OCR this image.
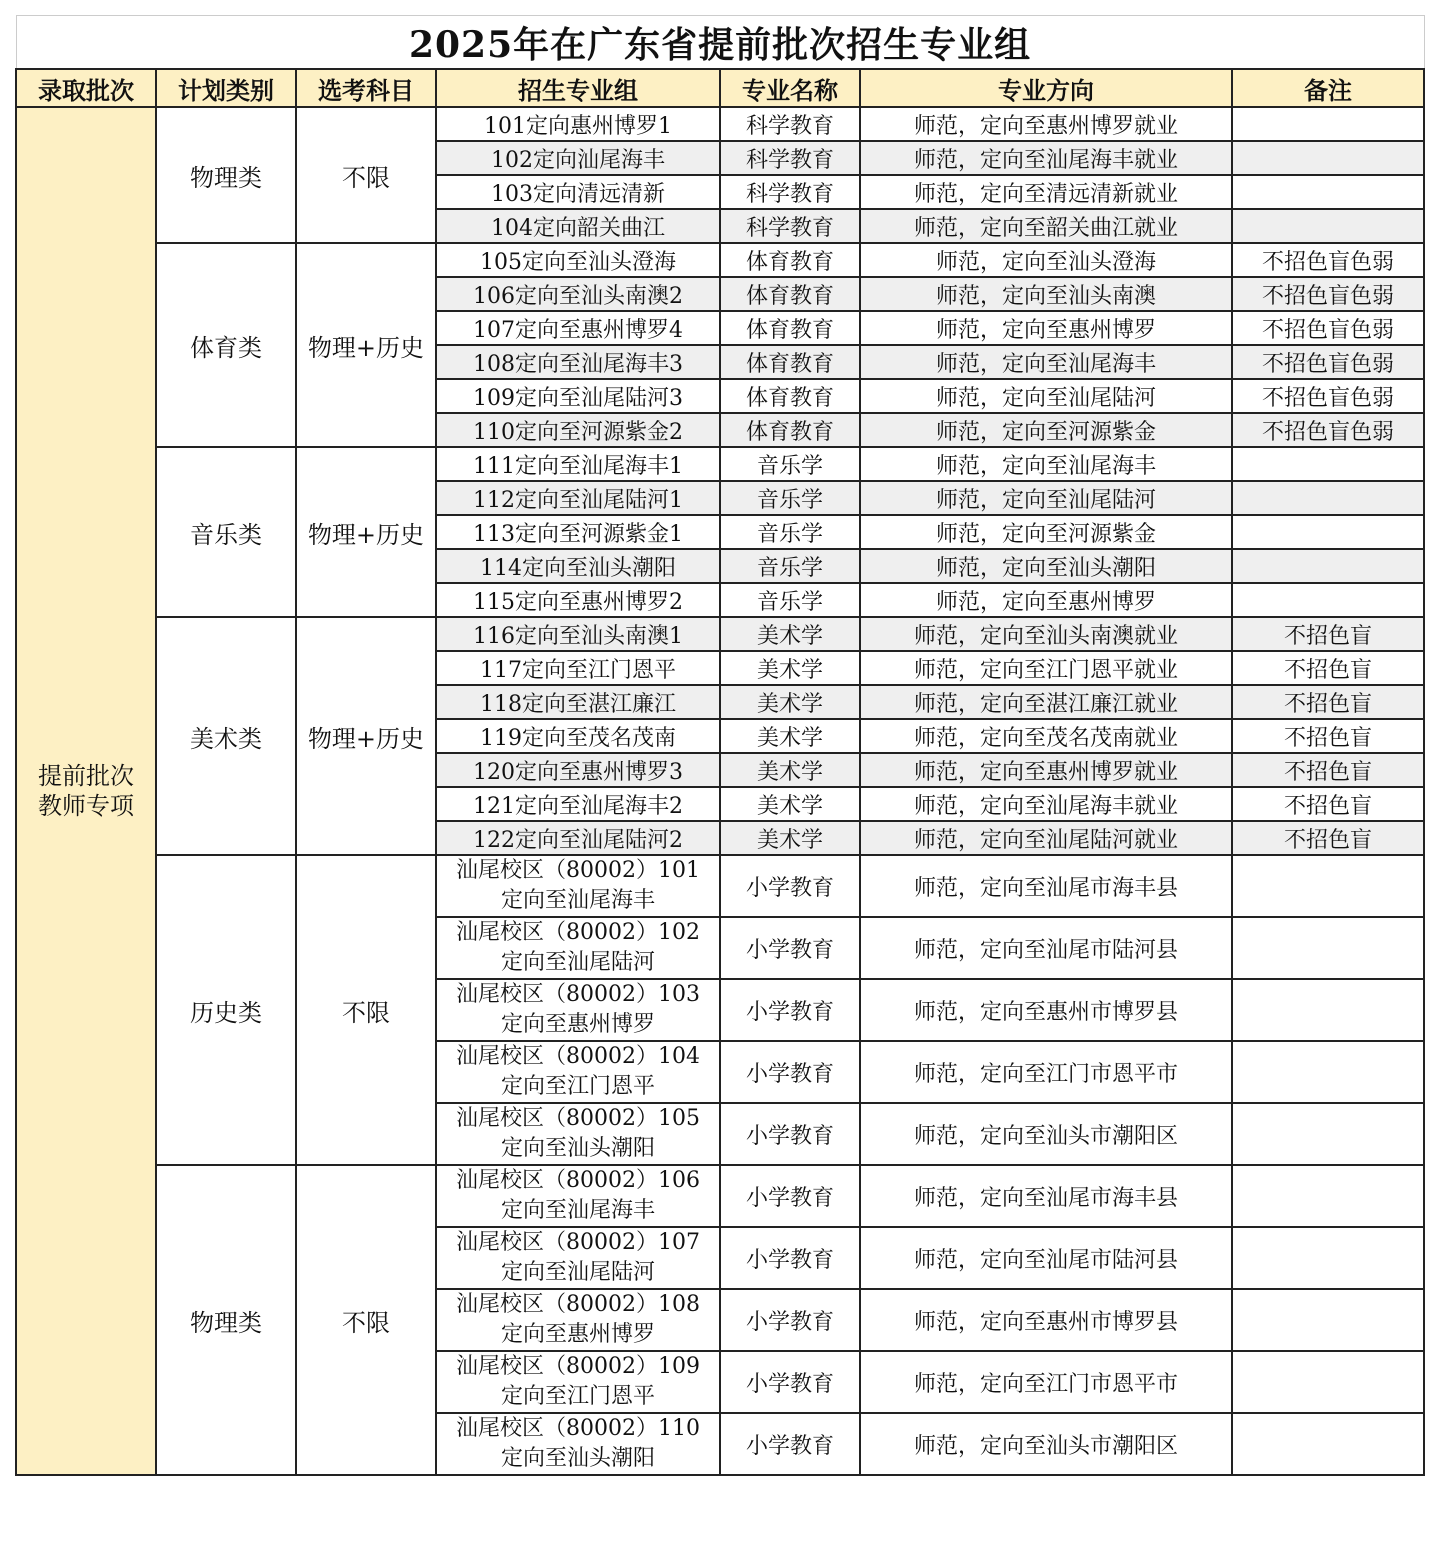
2025年在广东省提前批次招生专业组						
录取批次	计划类别	选考科目	招生专业组	专业名称	专业方向	备注
提前批次
教师专项	物理类	不限	101定向惠州博罗1	科学教育	师范，定向至惠州博罗就业	
			102定向汕尾海丰	科学教育	师范，定向至汕尾海丰就业	
			103定向清远清新	科学教育	师范，定向至清远清新就业	
			104定向韶关曲江	科学教育	师范，定向至韶关曲江就业	
	体育类	物理+历史	105定向至汕头澄海	体育教育	师范，定向至汕头澄海	不招色盲色弱
			106定向至汕头南澳2	体育教育	师范，定向至汕头南澳	不招色盲色弱
			107定向至惠州博罗4	体育教育	师范，定向至惠州博罗	不招色盲色弱
			108定向至汕尾海丰3	体育教育	师范，定向至汕尾海丰	不招色盲色弱
			109定向至汕尾陆河3	体育教育	师范，定向至汕尾陆河	不招色盲色弱
			110定向至河源紫金2	体育教育	师范，定向至河源紫金	不招色盲色弱
	音乐类	物理+历史	111定向至汕尾海丰1	音乐学	师范，定向至汕尾海丰	
			112定向至汕尾陆河1	音乐学	师范，定向至汕尾陆河	
			113定向至河源紫金1	音乐学	师范，定向至河源紫金	
			114定向至汕头潮阳	音乐学	师范，定向至汕头潮阳	
			115定向至惠州博罗2	音乐学	师范，定向至惠州博罗	
	美术类	物理+历史	116定向至汕头南澳1	美术学	师范，定向至汕头南澳就业	不招色盲
			117定向至江门恩平	美术学	师范，定向至江门恩平就业	不招色盲
			118定向至湛江廉江	美术学	师范，定向至湛江廉江就业	不招色盲
			119定向至茂名茂南	美术学	师范，定向至茂名茂南就业	不招色盲
			120定向至惠州博罗3	美术学	师范，定向至惠州博罗就业	不招色盲
			121定向至汕尾海丰2	美术学	师范，定向至汕尾海丰就业	不招色盲
			122定向至汕尾陆河2	美术学	师范，定向至汕尾陆河就业	不招色盲
	历史类	不限	汕尾校区（80002）101
定向至汕尾海丰	小学教育	师范，定向至汕尾市海丰县	
			汕尾校区（80002）102
定向至汕尾陆河	小学教育	师范，定向至汕尾市陆河县	
			汕尾校区（80002）103
定向至惠州博罗	小学教育	师范，定向至惠州市博罗县	
			汕尾校区（80002）104
定向至江门恩平	小学教育	师范，定向至江门市恩平市	
			汕尾校区（80002）105
定向至汕头潮阳	小学教育	师范，定向至汕头市潮阳区	
	物理类	不限	汕尾校区（80002）106
定向至汕尾海丰	小学教育	师范，定向至汕尾市海丰县	
			汕尾校区（80002）107
定向至汕尾陆河	小学教育	师范，定向至汕尾市陆河县	
			汕尾校区（80002）108
定向至惠州博罗	小学教育	师范，定向至惠州市博罗县	
			汕尾校区（80002）109
定向至江门恩平	小学教育	师范，定向至江门市恩平市	
			汕尾校区（80002）110
定向至汕头潮阳	小学教育	师范，定向至汕头市潮阳区	
